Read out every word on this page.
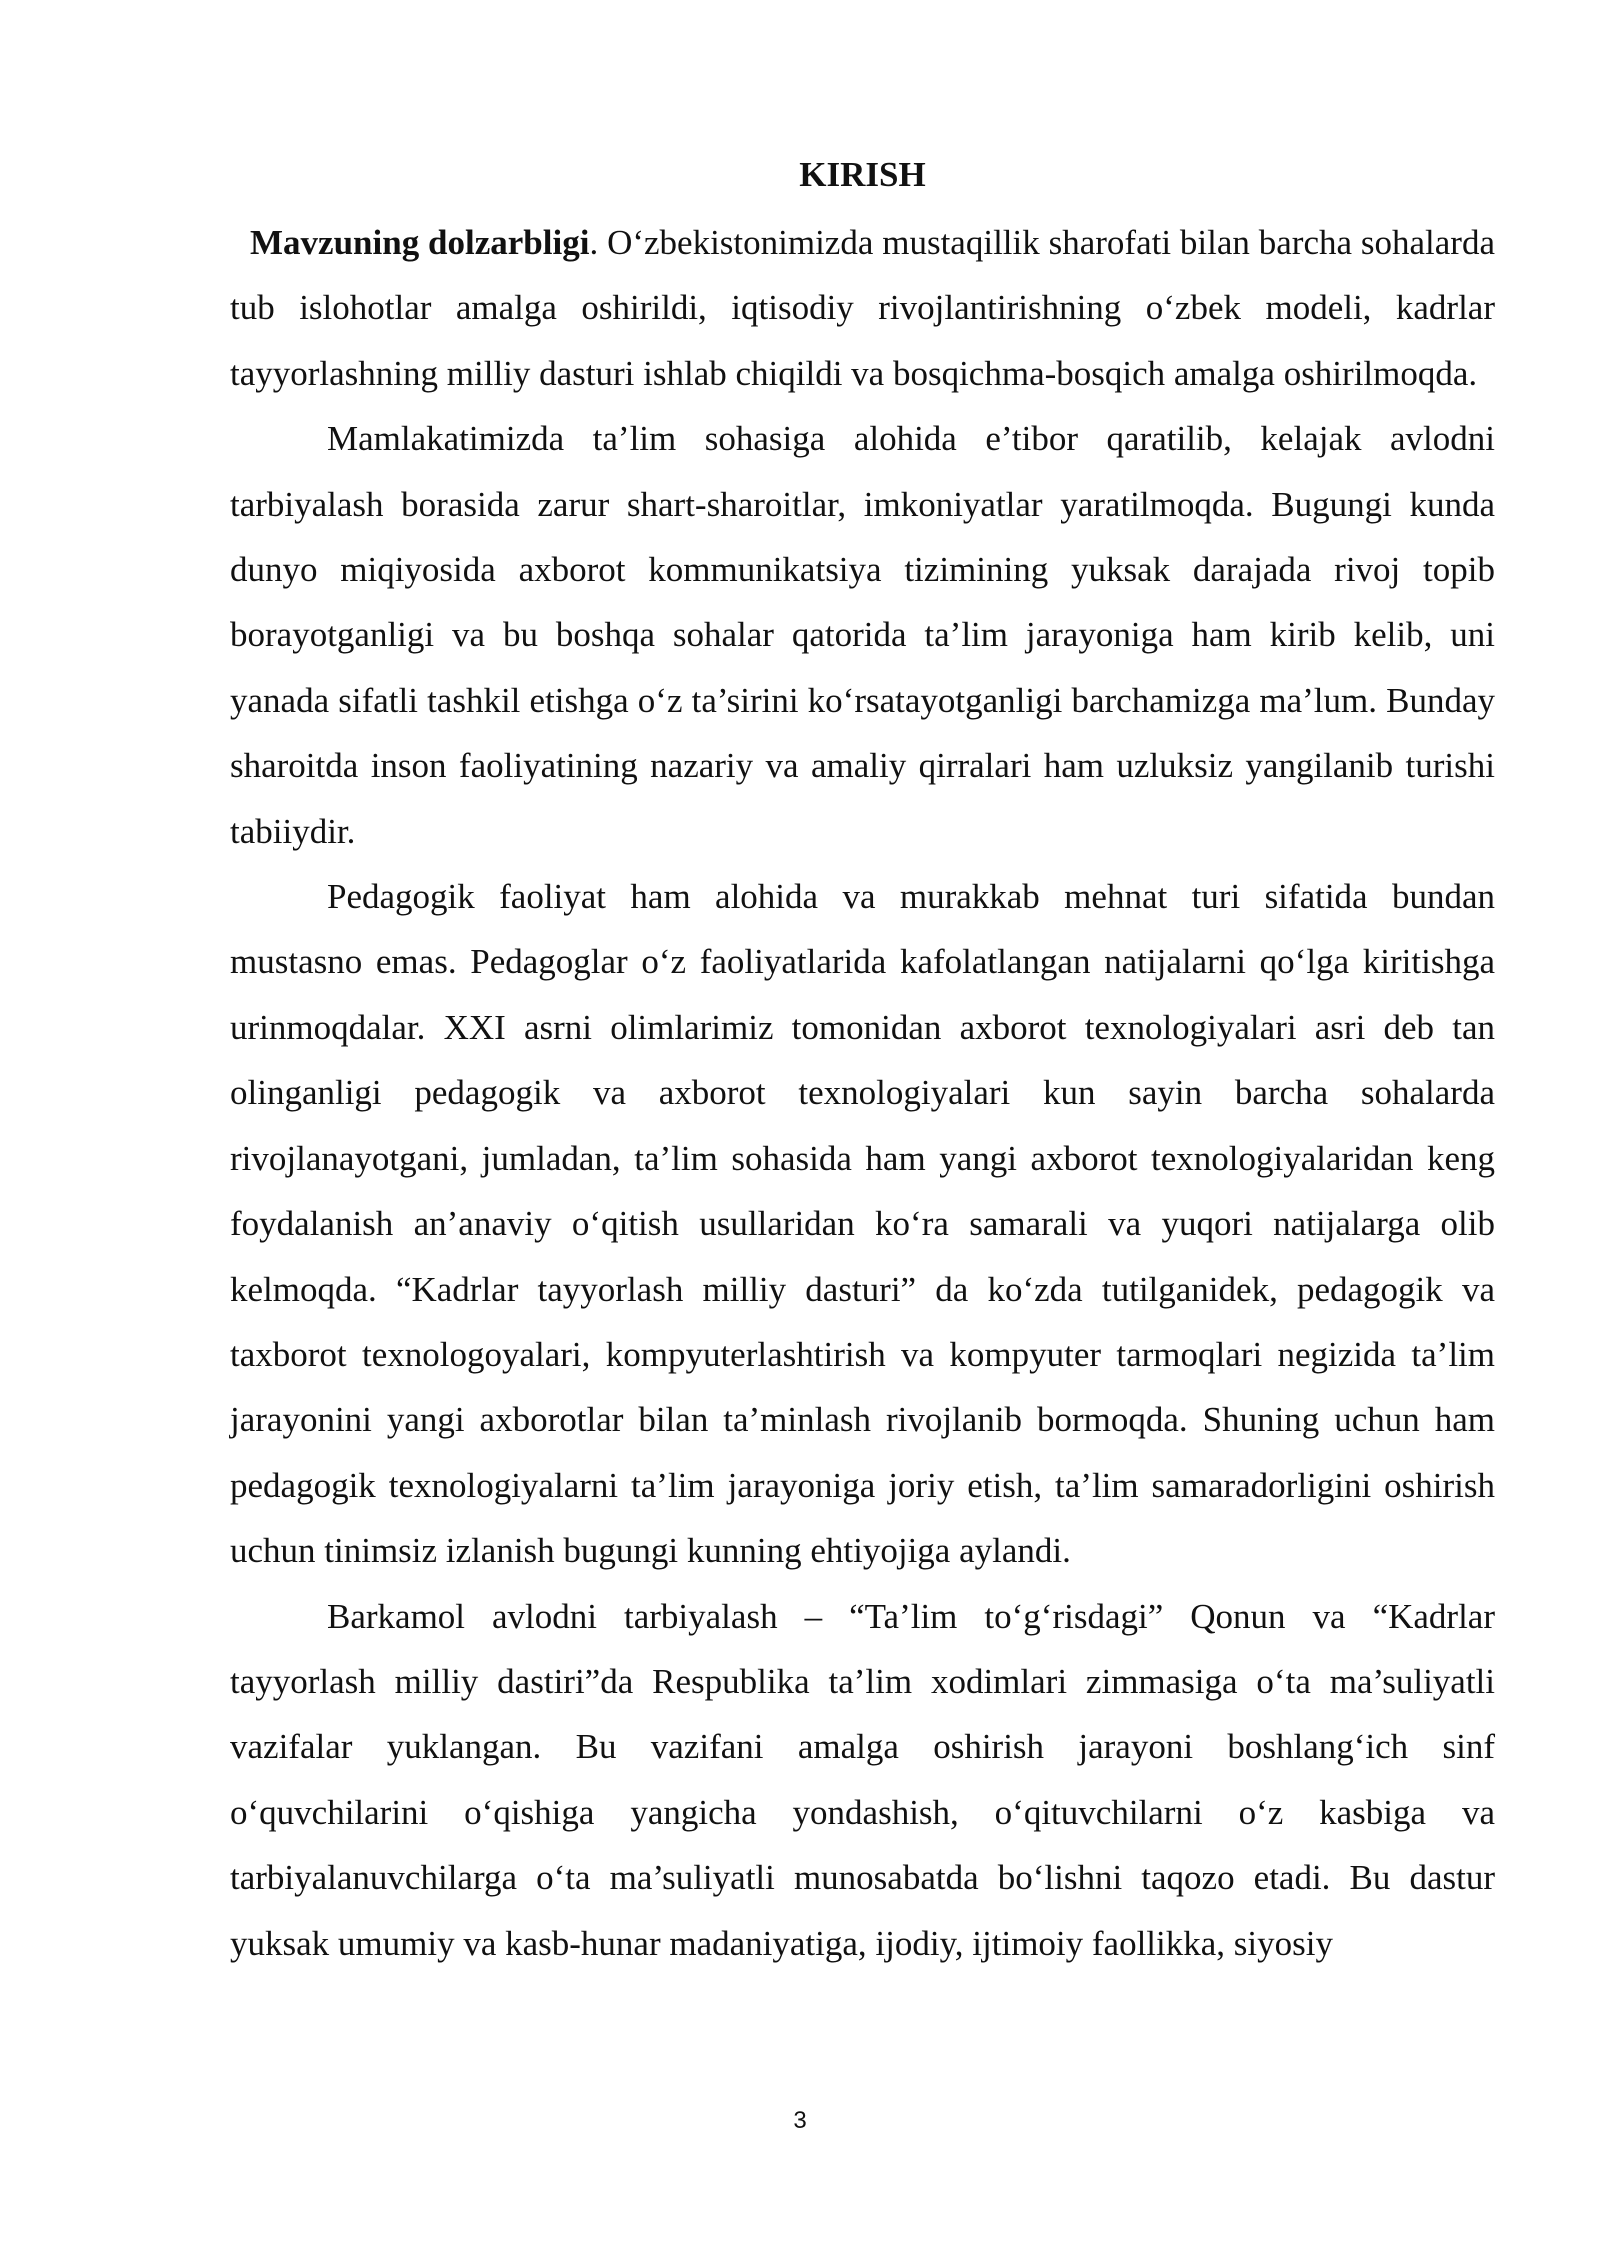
KIRISH

Mavzuning dolzarbligi. O‘zbekistonimizda mustaqillik sharofati bilan barcha sohalarda tub islohotlar amalga oshirildi, iqtisodiy rivojlantirishning o‘zbek modeli, kadrlar tayyorlashning milliy dasturi ishlab chiqildi va bosqichma-bosqich amalga oshirilmoqda.

Mamlakatimizda ta’lim sohasiga alohida e’tibor qaratilib, kelajak avlodni tarbiyalash borasida zarur shart-sharoitlar, imkoniyatlar yaratilmoqda. Bugungi kunda dunyo miqiyosida axborot kommunikatsiya tizimining yuksak darajada rivoj topib borayotganligi va bu boshqa sohalar qatorida ta’lim jarayoniga ham kirib kelib, uni yanada sifatli tashkil etishga o‘z ta’sirini ko‘rsatayotganligi barchamizga ma’lum. Bunday sharoitda inson faoliyatining nazariy va amaliy qirralari ham uzluksiz yangilanib turishi tabiiydir.

Pedagogik faoliyat ham alohida va murakkab mehnat turi sifatida bundan mustasno emas. Pedagoglar o‘z faoliyatlarida kafolatlangan natijalarni qo‘lga kiritishga urinmoqdalar. XXI asrni olimlarimiz tomonidan axborot texnologiyalari asri deb tan olinganligi pedagogik va axborot texnologiyalari kun sayin barcha sohalarda rivojlanayotgani, jumladan, ta’lim sohasida ham yangi axborot texnologiyalaridan keng foydalanish an’anaviy o‘qitish usullaridan ko‘ra samarali va yuqori natijalarga olib kelmoqda. “Kadrlar tayyorlash milliy dasturi” da ko‘zda tutilganidek, pedagogik va taxborot texnologoyalari, kompyuterlashtirish va kompyuter tarmoqlari negizida ta’lim jarayonini yangi axborotlar bilan ta’minlash rivojlanib bormoqda. Shuning uchun ham pedagogik texnologiyalarni ta’lim jarayoniga joriy etish, ta’lim samaradorligini oshirish uchun tinimsiz izlanish bugungi kunning ehtiyojiga aylandi.

Barkamol avlodni tarbiyalash – “Ta’lim to‘g‘risdagi” Qonun va “Kadrlar tayyorlash milliy dastiri”da Respublika ta’lim xodimlari zimmasiga o‘ta ma’suliyatli vazifalar yuklangan. Bu vazifani amalga oshirish jarayoni boshlang‘ich sinf o‘quvchilarini o‘qishiga yangicha yondashish, o‘qituvchilarni o‘z kasbiga va tarbiyalanuvchilarga o‘ta ma’suliyatli munosabatda bo‘lishni taqozo etadi. Bu dastur yuksak umumiy va kasb-hunar madaniyatiga, ijodiy, ijtimoiy faollikka, siyosiy

3
